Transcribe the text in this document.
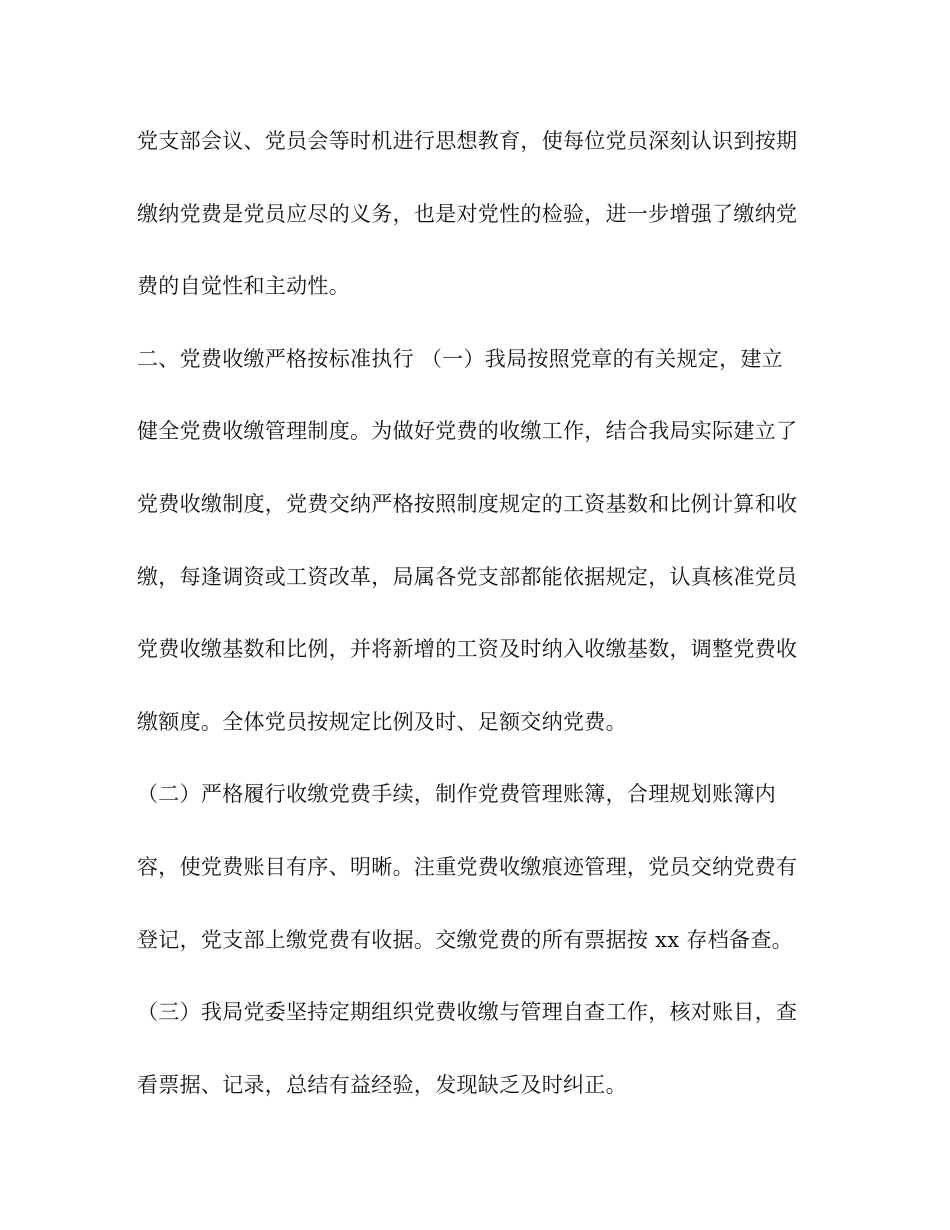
党支部会议、党员会等时机进行思想教育，使每位党员深刻认识到按期
缴纳党费是党员应尽的义务，也是对党性的检验，进一步增强了缴纳党
费的自觉性和主动性。
二、党费收缴严格按标准执行 （一）我局按照党章的有关规定，建立
健全党费收缴管理制度。为做好党费的收缴工作，结合我局实际建立了
党费收缴制度，党费交纳严格按照制度规定的工资基数和比例计算和收
缴，每逢调资或工资改革，局属各党支部都能依据规定，认真核准党员
党费收缴基数和比例，并将新增的工资及时纳入收缴基数，调整党费收
缴额度。全体党员按规定比例及时、足额交纳党费。
（二）严格履行收缴党费手续，制作党费管理账簿，合理规划账簿内
容，使党费账目有序、明晰。注重党费收缴痕迹管理，党员交纳党费有
登记，党支部上缴党费有收据。交缴党费的所有票据按 xx 存档备查。
（三）我局党委坚持定期组织党费收缴与管理自查工作，核对账目，查
看票据、记录，总结有益经验，发现缺乏及时纠正。
